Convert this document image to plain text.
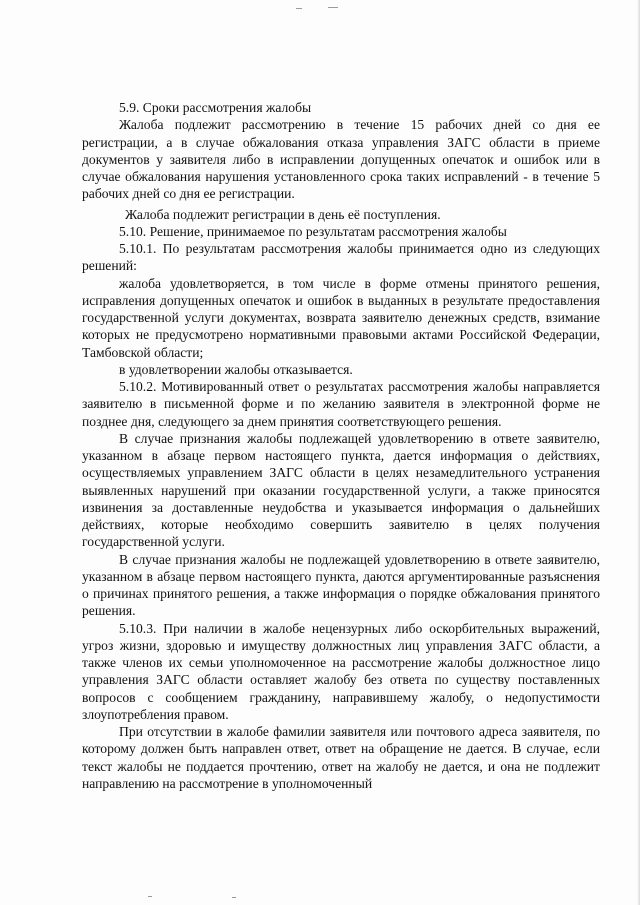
5.9. Сроки рассмотрения жалобы

Жалоба подлежит рассмотрению в течение 15 рабочих дней со дня ее регистрации, а в случае обжалования отказа управления ЗАГС области в приеме документов у заявителя либо в исправлении допущенных опечаток и ошибок или в случае обжалования нарушения установленного срока таких исправлений - в течение 5 рабочих дней со дня ее регистрации.

Жалоба подлежит регистрации в день её поступления.

5.10. Решение, принимаемое по результатам рассмотрения жалобы

5.10.1. По результатам рассмотрения жалобы принимается одно из следующих решений:

жалоба удовлетворяется, в том числе в форме отмены принятого решения, исправления допущенных опечаток и ошибок в выданных в результате предоставления государственной услуги документах, возврата заявителю денежных средств, взимание которых не предусмотрено нормативными правовыми актами Российской Федерации, Тамбовской области;

в удовлетворении жалобы отказывается.

5.10.2. Мотивированный ответ о результатах рассмотрения жалобы направляется заявителю в письменной форме и по желанию заявителя в электронной форме не позднее дня, следующего за днем принятия соответствующего решения.

В случае признания жалобы подлежащей удовлетворению в ответе заявителю, указанном в абзаце первом настоящего пункта, дается информация о действиях, осуществляемых управлением ЗАГС области в целях незамедлительного устранения выявленных нарушений при оказании государственной услуги, а также приносятся извинения за доставленные неудобства и указывается информация о дальнейших действиях, которые необходимо совершить заявителю в целях получения государственной услуги.

В случае признания жалобы не подлежащей удовлетворению в ответе заявителю, указанном в абзаце первом настоящего пункта, даются аргументированные разъяснения о причинах принятого решения, а также информация о порядке обжалования принятого решения.

5.10.3. При наличии в жалобе нецензурных либо оскорбительных выражений, угроз жизни, здоровью и имуществу должностных лиц управления ЗАГС области, а также членов их семьи уполномоченное на рассмотрение жалобы должностное лицо управления ЗАГС области оставляет жалобу без ответа по существу поставленных вопросов с сообщением гражданину, направившему жалобу, о недопустимости злоупотребления правом.

При отсутствии в жалобе фамилии заявителя или почтового адреса заявителя, по которому должен быть направлен ответ, ответ на обращение не дается. В случае, если текст жалобы не поддается прочтению, ответ на жалобу не дается, и она не подлежит направлению на рассмотрение в уполномоченный
